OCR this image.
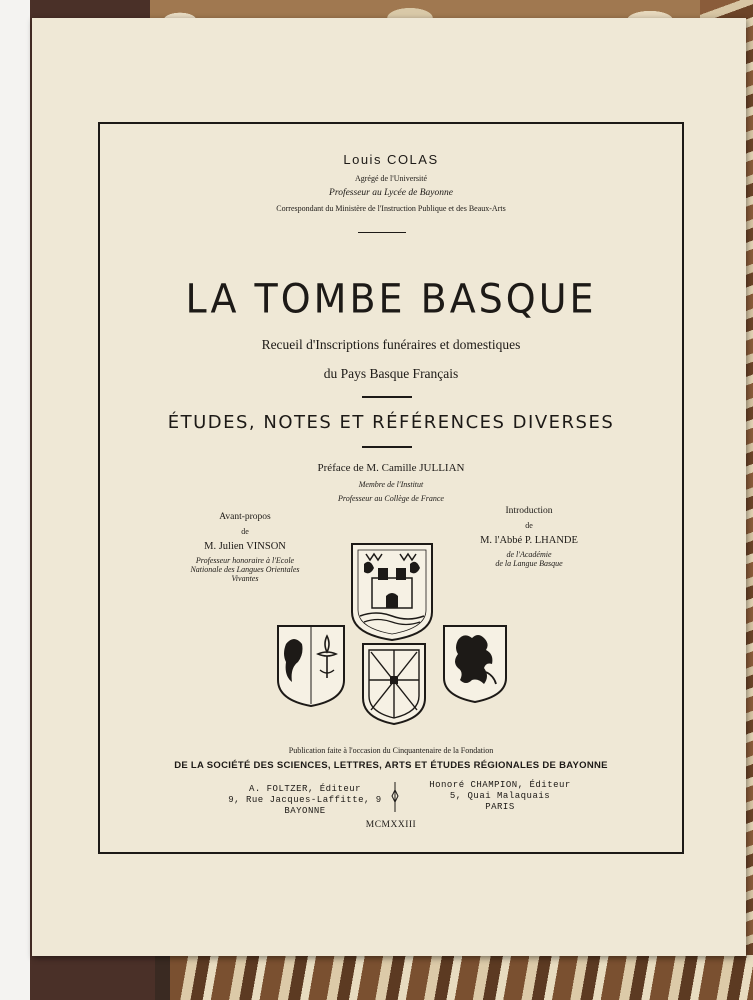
Louis COLAS
Agrégé de l'Université
Professeur au Lycée de Bayonne
Correspondant du Ministère de l'Instruction Publique et des Beaux-Arts
LA TOMBE BASQUE
Recueil d'Inscriptions funéraires et domestiques
du Pays Basque Français
ÉTUDES, NOTES ET RÉFÉRENCES DIVERSES
Préface de M. Camille JULLIAN
Membre de l'Institut
Professeur au Collège de France
Avant-propos
de
M. Julien VINSON
Professeur honoraire à l'Ecole
Nationale des Langues Orientales
Vivantes
Introduction
de
M. l'Abbé P. LHANDE
de l'Académie
de la Langue Basque
Publication faite à l'occasion du Cinquantenaire de la Fondation
DE LA SOCIÉTÉ DES SCIENCES, LETTRES, ARTS ET ÉTUDES RÉGIONALES DE BAYONNE
A. FOLTZER, Éditeur
9, Rue Jacques-Laffitte, 9
BAYONNE
Honoré CHAMPION, Éditeur
5, Quai Malaquais
PARIS
MCMXXIII
